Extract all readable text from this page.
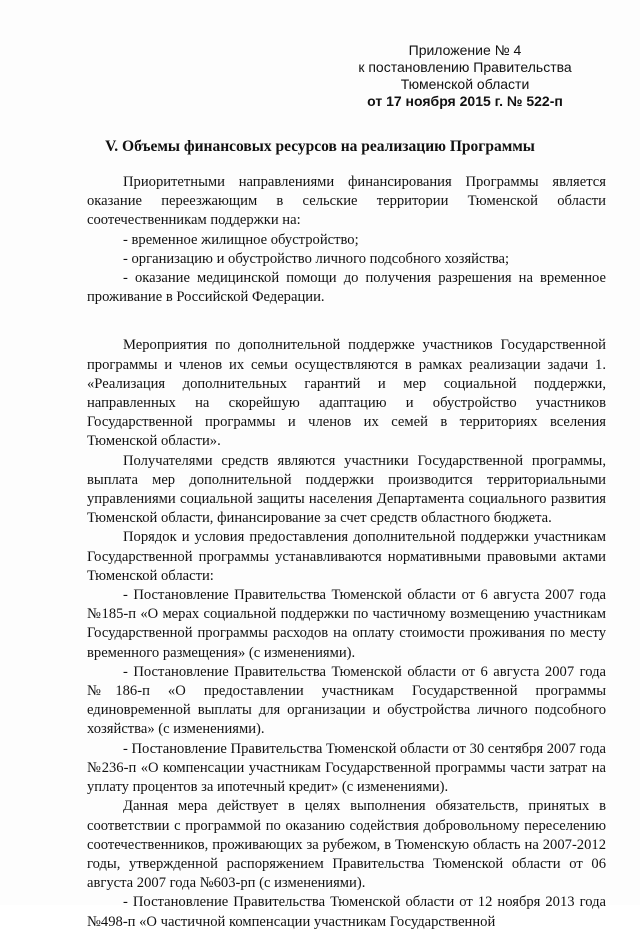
Приложение № 4
к постановлению Правительства
Тюменской области
от 17 ноября 2015 г. № 522-п
V. Объемы финансовых ресурсов на реализацию Программы

Приоритетными направлениями финансирования Программы является оказание переезжающим в сельские территории Тюменской области соотечественникам поддержки на:

- временное жилищное обустройство;

- организацию и обустройство личного подсобного хозяйства;

- оказание медицинской помощи до получения разрешения на временное проживание в Российской Федерации.

Мероприятия по дополнительной поддержке участников Государственной программы и членов их семьи осуществляются в рамках реализации задачи 1. «Реализация дополнительных гарантий и мер социальной поддержки, направленных на скорейшую адаптацию и обустройство участников Государственной программы и членов их семей в территориях вселения Тюменской области».

Получателями средств являются участники Государственной программы, выплата мер дополнительной поддержки производится территориальными управлениями социальной защиты населения Департамента социального развития Тюменской области, финансирование за счет средств областного бюджета.

Порядок и условия предоставления дополнительной поддержки участникам Государственной программы устанавливаются нормативными правовыми актами Тюменской области:

- Постановление Правительства Тюменской области от 6 августа 2007 года №185-п «О мерах социальной поддержки по частичному возмещению участникам Государственной программы расходов на оплату стоимости проживания по месту временного размещения» (с изменениями).

- Постановление Правительства Тюменской области от 6 августа 2007 года №186-п «О предоставлении участникам Государственной программы единовременной выплаты для организации и обустройства личного подсобного хозяйства» (с изменениями).

- Постановление Правительства Тюменской области от 30 сентября 2007 года №236-п «О компенсации участникам Государственной программы части затрат на уплату процентов за ипотечный кредит» (с изменениями).

Данная мера действует в целях выполнения обязательств, принятых в соответствии с программой по оказанию содействия добровольному переселению соотечественников, проживающих за рубежом, в Тюменскую область на 2007-2012 годы, утвержденной распоряжением Правительства Тюменской области от 06 августа 2007 года №603-рп (с изменениями).

- Постановление Правительства Тюменской области от 12 ноября 2013 года №498-п «О частичной компенсации участникам Государственной
